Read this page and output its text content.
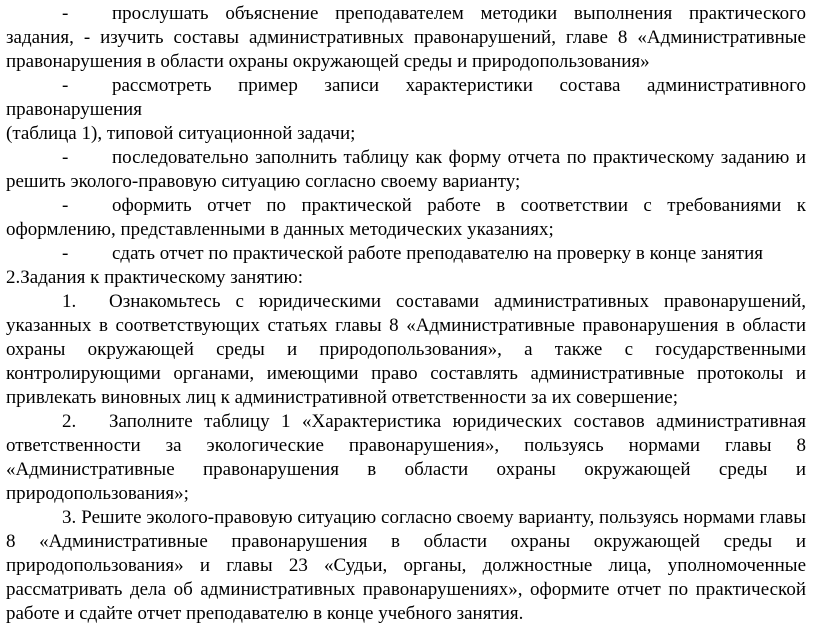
- прослушать объяснение преподавателем методики выполнения практического задания, - изучить составы административных правонарушений, главе 8 «Административные правонарушения в области охраны окружающей среды и природопользования»

- рассмотреть пример записи характеристики состава административного правонарушения

(таблица 1), типовой ситуационной задачи;

- последовательно заполнить таблицу как форму отчета по практическому заданию и решить эколого-правовую ситуацию согласно своему варианту;

- оформить отчет по практической работе в соответствии с требованиями к оформлению, представленными в данных методических указаниях;

- сдать отчет по практической работе преподавателю на проверку в конце занятия

2.Задания к практическому занятию:

1. Ознакомьтесь с юридическими составами административных правонарушений, указанных в соответствующих статьях главы 8 «Административные правонарушения в области охраны окружающей среды и природопользования», а также с государственными контролирующими органами, имеющими право составлять административные протоколы и привлекать виновных лиц к административной ответственности за их совершение;

2. Заполните таблицу 1 «Характеристика юридических составов административная ответственности за экологические правонарушения», пользуясь нормами главы 8 «Административные правонарушения в области охраны окружающей среды и природопользования»;

3. Решите эколого-правовую ситуацию согласно своему варианту, пользуясь нормами главы 8 «Административные правонарушения в области охраны окружающей среды и природопользования» и главы 23 «Судьи, органы, должностные лица, уполномоченные рассматривать дела об административных правонарушениях», оформите отчет по практической работе и сдайте отчет преподавателю в конце учебного занятия.
